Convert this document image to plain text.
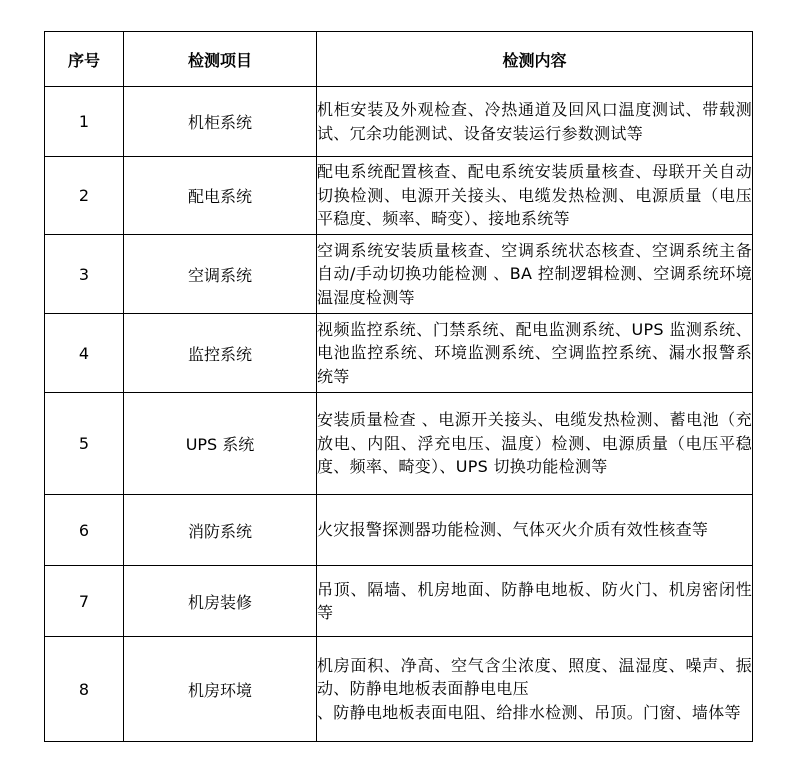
序号	检测项目	检测内容
1	机柜系统	机柜安装及外观检查、冷热通道及回风口温度测试、带载测试、冗余功能测试、设备安装运行参数测试等
2	配电系统	配电系统配置核查、配电系统安装质量核查、母联开关自动切换检测、电源开关接头、电缆发热检测、电源质量（电压平稳度、频率、畸变）、接地系统等
3	空调系统	空调系统安装质量核查、空调系统状态核查、空调系统主备自动/手动切换功能检测 、BA 控制逻辑检测、空调系统环境温湿度检测等
4	监控系统	视频监控系统、门禁系统、配电监测系统、UPS 监测系统、电池监控系统、环境监测系统、空调监控系统、漏水报警系统等
5	UPS 系统	安装质量检查 、电源开关接头、电缆发热检测、蓄电池（充放电、内阻、浮充电压、温度）检测、电源质量（电压平稳度、频率、畸变）、UPS 切换功能检测等
6	消防系统	火灾报警探测器功能检测、气体灭火介质有效性核查等
7	机房装修	吊顶、隔墙、机房地面、防静电地板、防火门、机房密闭性等
8	机房环境	机房面积、净高、空气含尘浓度、照度、温湿度、噪声、振动、防静电地板表面静电电压
、防静电地板表面电阻、给排水检测、吊顶。门窗、墙体等
